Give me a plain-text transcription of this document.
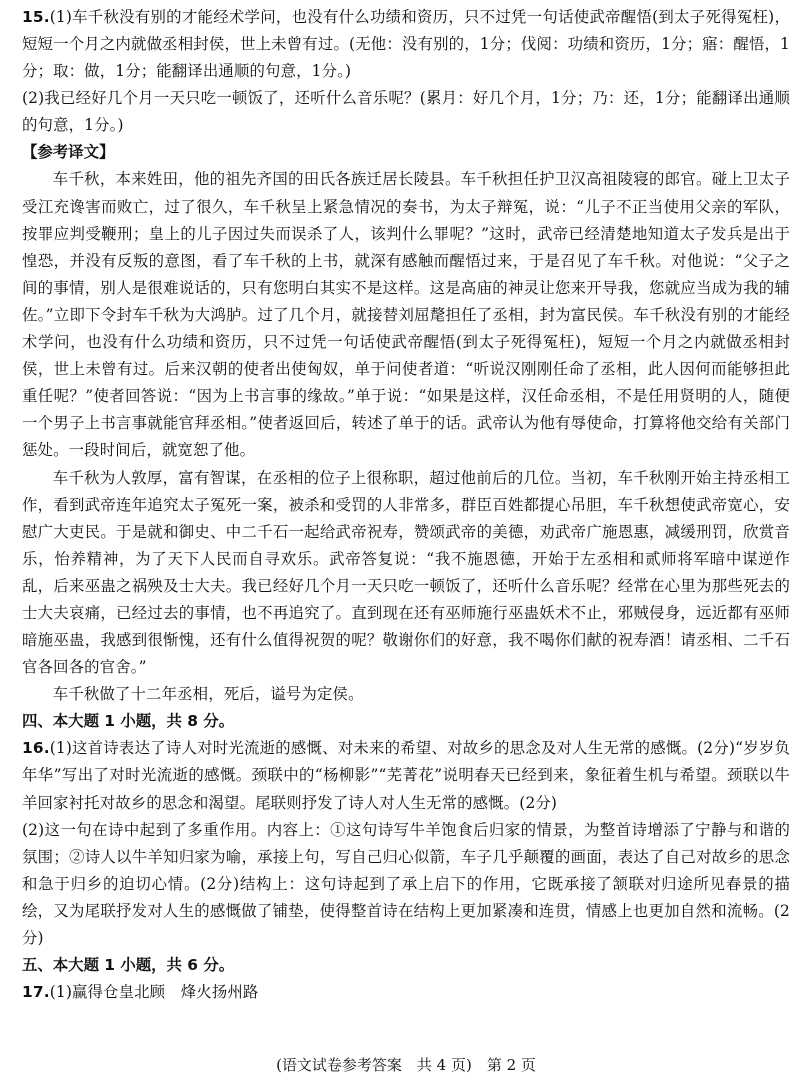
15.(1)车千秋没有别的才能经术学问，也没有什么功绩和资历，只不过凭一句话使武帝醒悟(到太子死得冤枉)，短短一个月之内就做丞相封侯，世上未曾有过。(无他：没有别的，1分；伐阅：功绩和资历，1分；寤：醒悟，1分；取：做，1分；能翻译出通顺的句意，1分。)

(2)我已经好几个月一天只吃一顿饭了，还听什么音乐呢？(累月：好几个月，1分；乃：还，1分；能翻译出通顺的句意，1分。)

【参考译文】

车千秋，本来姓田，他的祖先齐国的田氏各族迁居长陵县。车千秋担任护卫汉高祖陵寝的郎官。碰上卫太子受江充谗害而败亡，过了很久，车千秋呈上紧急情况的奏书，为太子辩冤，说：“儿子不正当使用父亲的军队，按罪应判受鞭刑；皇上的儿子因过失而误杀了人，该判什么罪呢？”这时，武帝已经清楚地知道太子发兵是出于惶恐，并没有反叛的意图，看了车千秋的上书，就深有感触而醒悟过来，于是召见了车千秋。对他说：“父子之间的事情，别人是很难说话的，只有您明白其实不是这样。这是高庙的神灵让您来开导我，您就应当成为我的辅佐。”立即下令封车千秋为大鸿胪。过了几个月，就接替刘屈氂担任了丞相，封为富民侯。车千秋没有别的才能经术学问，也没有什么功绩和资历，只不过凭一句话使武帝醒悟(到太子死得冤枉)，短短一个月之内就做丞相封侯，世上未曾有过。后来汉朝的使者出使匈奴，单于问使者道：“听说汉刚刚任命了丞相，此人因何而能够担此重任呢？”使者回答说：“因为上书言事的缘故。”单于说：“如果是这样，汉任命丞相，不是任用贤明的人，随便一个男子上书言事就能官拜丞相。”使者返回后，转述了单于的话。武帝认为他有辱使命，打算将他交给有关部门惩处。一段时间后，就宽恕了他。

车千秋为人敦厚，富有智谋，在丞相的位子上很称职，超过他前后的几位。当初，车千秋刚开始主持丞相工作，看到武帝连年追究太子冤死一案，被杀和受罚的人非常多，群臣百姓都提心吊胆，车千秋想使武帝宽心，安慰广大吏民。于是就和御史、中二千石一起给武帝祝寿，赞颂武帝的美德，劝武帝广施恩惠，减缓刑罚，欣赏音乐，怡养精神，为了天下人民而自寻欢乐。武帝答复说：“我不施恩德，开始于左丞相和贰师将军暗中谋逆作乱，后来巫蛊之祸殃及士大夫。我已经好几个月一天只吃一顿饭了，还听什么音乐呢？经常在心里为那些死去的士大夫哀痛，已经过去的事情，也不再追究了。直到现在还有巫师施行巫蛊妖术不止，邪贼侵身，远近都有巫师暗施巫蛊，我感到很惭愧，还有什么值得祝贺的呢？敬谢你们的好意，我不喝你们献的祝寿酒！请丞相、二千石官各回各的官舍。”

车千秋做了十二年丞相，死后，谥号为定侯。

四、本大题 1 小题，共 8 分。

16.(1)这首诗表达了诗人对时光流逝的感慨、对未来的希望、对故乡的思念及对人生无常的感慨。(2分)“岁岁负年华”写出了对时光流逝的感慨。颈联中的“杨柳影”“芜菁花”说明春天已经到来，象征着生机与希望。颈联以牛羊回家衬托对故乡的思念和渴望。尾联则抒发了诗人对人生无常的感慨。(2分)

(2)这一句在诗中起到了多重作用。内容上：①这句诗写牛羊饱食后归家的情景，为整首诗增添了宁静与和谐的氛围；②诗人以牛羊知归家为喻，承接上句，写自己归心似箭，车子几乎颠覆的画面，表达了自己对故乡的思念和急于归乡的迫切心情。(2分)结构上：这句诗起到了承上启下的作用，它既承接了颔联对归途所见春景的描绘，又为尾联抒发对人生的感慨做了铺垫，使得整首诗在结构上更加紧凑和连贯，情感上也更加自然和流畅。(2分)

五、本大题 1 小题，共 6 分。

17.(1)赢得仓皇北顾　烽火扬州路

(语文试卷参考答案　共 4 页)　第 2 页
